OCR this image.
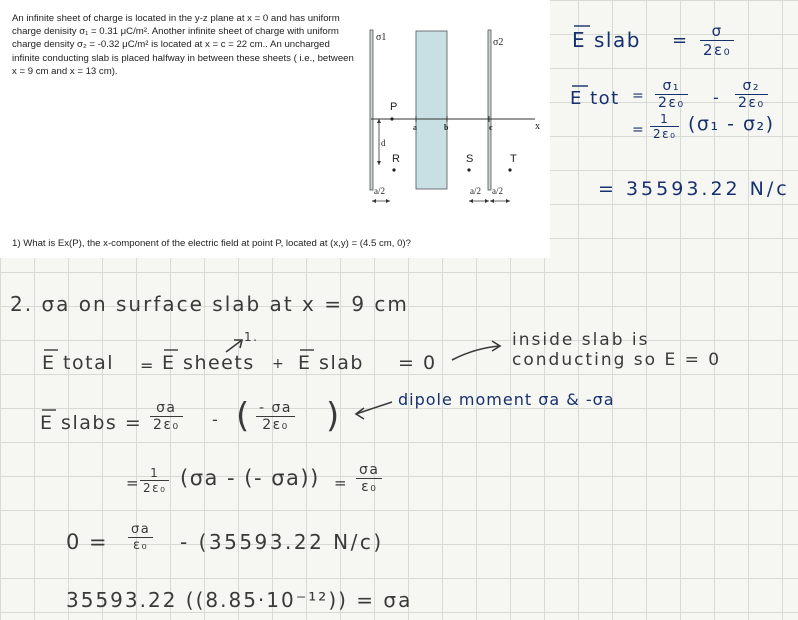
An infinite sheet of charge is located in the y-z plane at x = 0 and has uniform charge denisity σ₁ = 0.31 μC/m². Another infinite sheet of charge with uniform charge density σ₂ = -0.32 μC/m² is located at x = c = 22 cm.. An uncharged infinite conducting slab is placed halfway in between these sheets ( i.e., between x = 9 cm and x = 13 cm).
σ1	σ2
P
R	S	T
a	b	c	x
d
a/2	a/2 a/2
1) What is Ex(P), the x-component of the electric field at point P, located at (x,y) = (4.5 cm, 0)?
E slab = $\frac{\sigma}{\text{2ε₀}}$
E tot = $\frac{\text{σ₁}}{\text{2ε₀}} - \frac{\text{σ₂}}{\text{2ε₀}}$
= $\frac{1}{\text{2ε₀}} (\sigma_1 - \sigma_2)$
= 35593.22 N/c
2. σa on surface slab at x = 9 cm
1.
E total = E sheets + E slab = 0
inside slab is
conducting so E = 0
E slabs = $\frac{\sigma a}{\text{2ε₀}}$ - ( $\frac{- \sigma a}{\text{2ε₀}}$ )	dipole moment σa & -σa
= $\frac{1}{\text{2ε₀}} (\sigma a$ - (- $\sigma a)) = \frac{\sigma a}{\text{ε₀}}$
$0 = \frac{\sigma a}{\text{ε₀}} - (35593.22$ N/c)
35593.22 ((8.85·10⁻¹²)) = σa
